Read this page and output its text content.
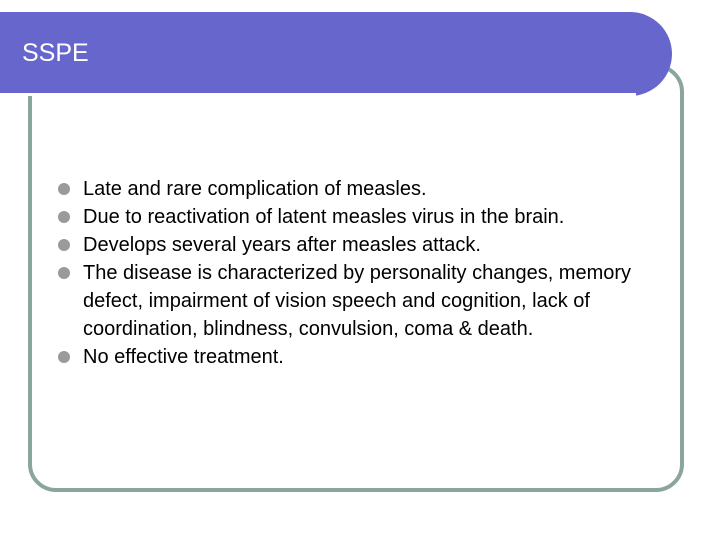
SSPE
Late and rare complication of measles.
Due to reactivation of latent measles virus in the brain.
Develops several years after measles attack.
The disease is characterized by personality changes, memory defect, impairment of vision speech and cognition, lack of coordination, blindness, convulsion, coma & death.
No effective treatment.
